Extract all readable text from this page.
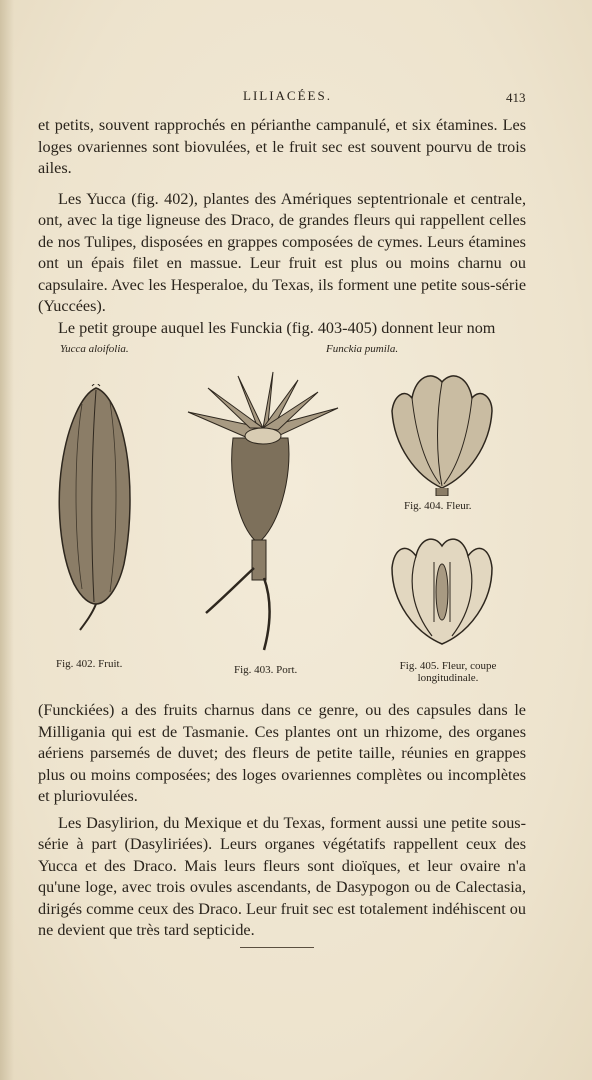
LILIACÉES.	413

et petits, souvent rapprochés en périanthe campanulé, et six étamines. Les loges ovariennes sont biovulées, et le fruit sec est souvent pourvu de trois ailes.

Les Yucca (fig. 402), plantes des Amériques septentrionale et centrale, ont, avec la tige ligneuse des Draco, de grandes fleurs qui rappellent celles de nos Tulipes, disposées en grappes composées de cymes. Leurs étamines ont un épais filet en massue. Leur fruit est plus ou moins charnu ou capsulaire. Avec les Hesperaloe, du Texas, ils forment une petite sous-série (Yuccées).

Le petit groupe auquel les Funckia (fig. 403-405) donnent leur nom

Yucca aloifolia.	Funckia pumila.
Fig. 402. Fruit.	Fig. 403. Port.
Fig. 404. Fleur.
Fig. 405. Fleur, coupe
longitudinale.

(Funckiées) a des fruits charnus dans ce genre, ou des capsules dans le Milligania qui est de Tasmanie. Ces plantes ont un rhizome, des organes aériens parsemés de duvet; des fleurs de petite taille, réunies en grappes plus ou moins composées; des loges ovariennes complètes ou incomplètes et pluriovulées.

Les Dasylirion, du Mexique et du Texas, forment aussi une petite sous-série à part (Dasyliriées). Leurs organes végétatifs rappellent ceux des Yucca et des Draco. Mais leurs fleurs sont dioïques, et leur ovaire n'a qu'une loge, avec trois ovules ascendants, de Dasypogon ou de Calectasia, dirigés comme ceux des Draco. Leur fruit sec est totalement indéhiscent ou ne devient que très tard septicide.
